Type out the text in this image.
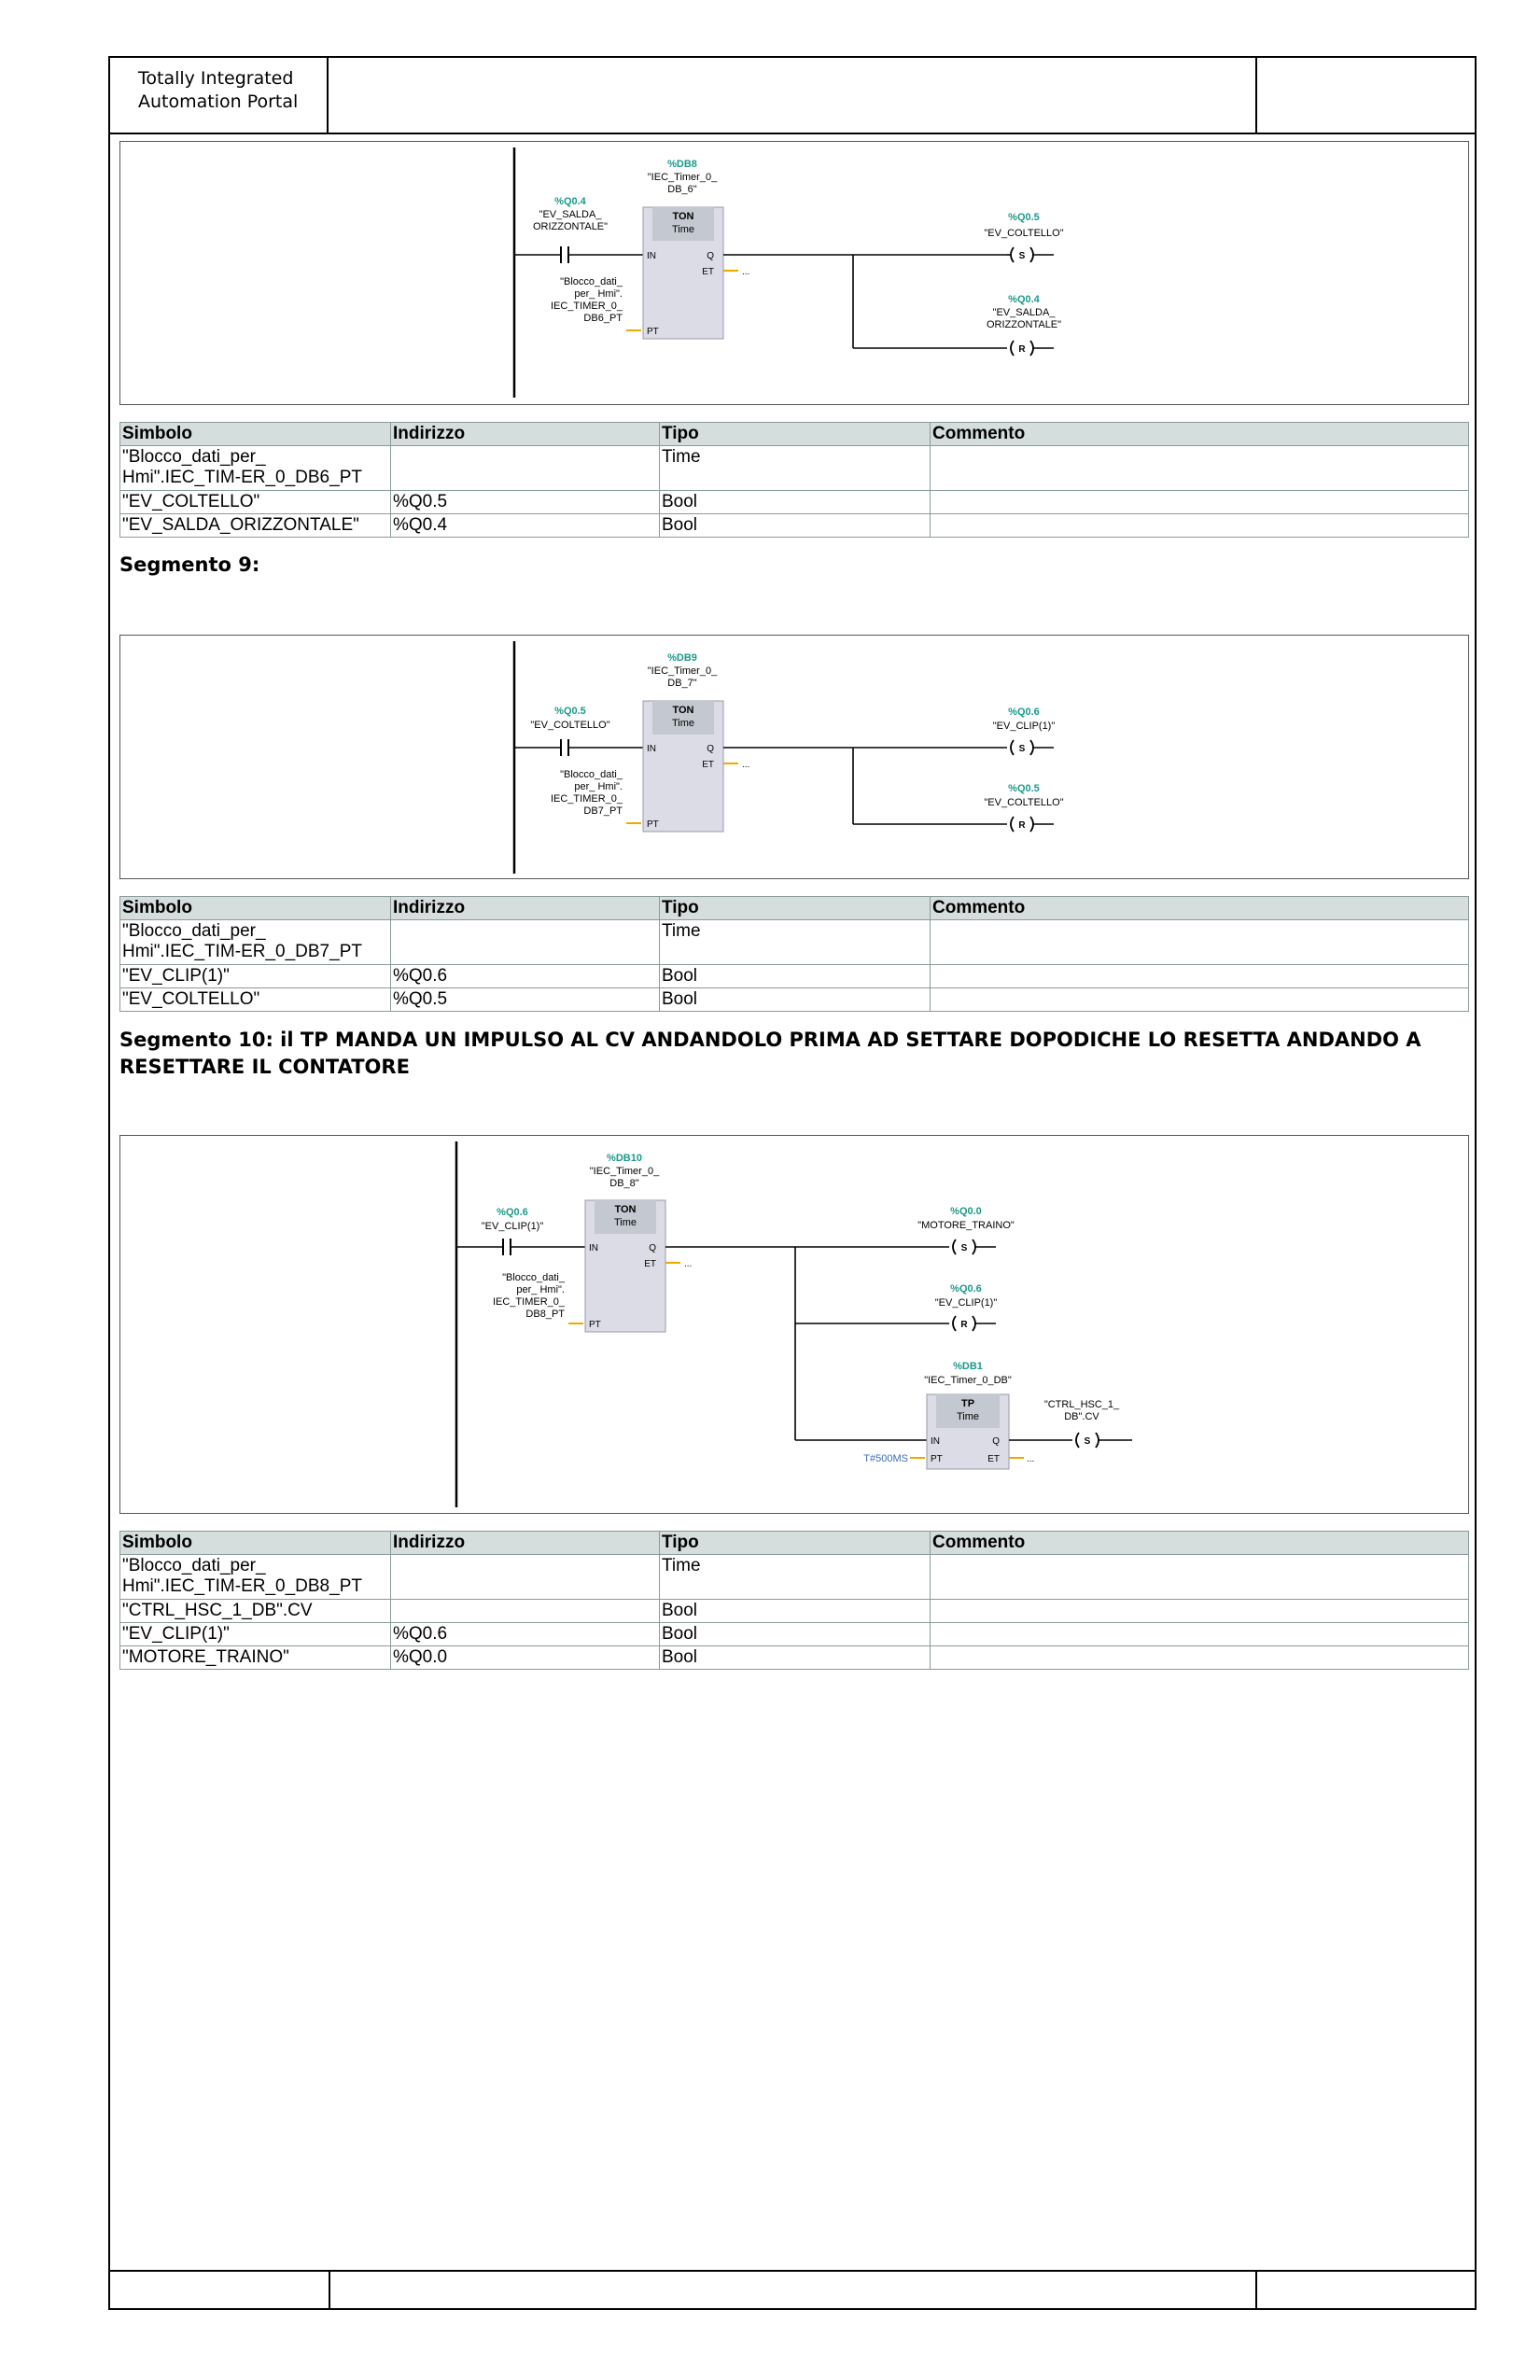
Totally Integrated
Automation Portal
%Q0.4
"EV_SALDA_
ORIZZONTALE"
%DB8
"IEC_Timer_0_
DB_6"
TON
Time
IN	Q
ET
PT
...
"Blocco_dati_
per_ Hmi".
IEC_TIMER_0_
DB6_PT
S
%Q0.5
"EV_COLTELLO"
R
%Q0.4
"EV_SALDA_
ORIZZONTALE"
Simbolo	Indirizzo	Tipo	Commento
"Blocco_dati_per_ Hmi".IEC_TIM-ER_0_DB6_PT		Time	
"EV_COLTELLO"	%Q0.5	Bool	
"EV_SALDA_ORIZZONTALE"	%Q0.4	Bool	
Segmento 9:
%Q0.5
"EV_COLTELLO"
%DB9
"IEC_Timer_0_
DB_7"
TON
Time
IN	Q
ET
PT
...
"Blocco_dati_
per_ Hmi".
IEC_TIMER_0_
DB7_PT
S
%Q0.6
"EV_CLIP(1)"
R
%Q0.5
"EV_COLTELLO"
Simbolo	Indirizzo	Tipo	Commento
"Blocco_dati_per_ Hmi".IEC_TIM-ER_0_DB7_PT		Time	
"EV_CLIP(1)"	%Q0.6	Bool	
"EV_COLTELLO"	%Q0.5	Bool	
Segmento 10: il TP MANDA UN IMPULSO AL CV ANDANDOLO PRIMA AD SETTARE DOPODICHE LO RESETTA ANDANDO A RESETTARE IL CONTATORE
%Q0.6
"EV_CLIP(1)"
%DB10
"IEC_Timer_0_
DB_8"
TON
Time
IN	Q
ET
PT
...
"Blocco_dati_
per_ Hmi".
IEC_TIMER_0_
DB8_PT
S
%Q0.0
"MOTORE_TRAINO"
R
%Q0.6
"EV_CLIP(1)"
%DB1
"IEC_Timer_0_DB"
TP
Time
IN
PT
Q
ET
T#500MS	...
S
"CTRL_HSC_1_
DB".CV
Simbolo	Indirizzo	Tipo	Commento
"Blocco_dati_per_ Hmi".IEC_TIM-ER_0_DB8_PT		Time	
"CTRL_HSC_1_DB".CV		Bool	
"EV_CLIP(1)"	%Q0.6	Bool	
"MOTORE_TRAINO"	%Q0.0	Bool	
